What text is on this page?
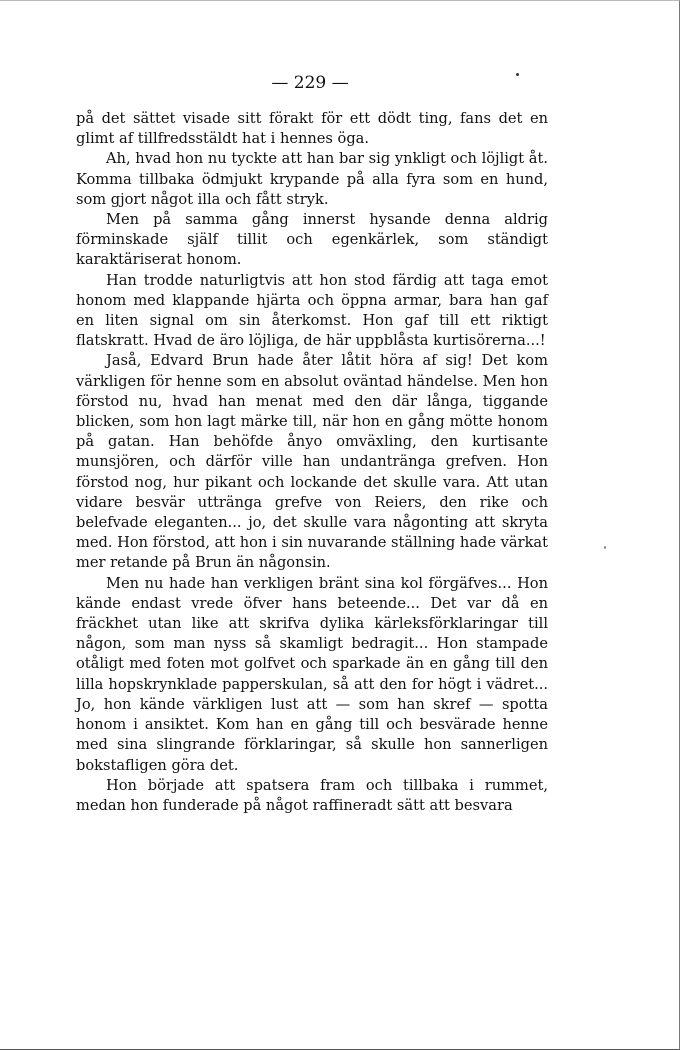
— 229 —

på det sättet visade sitt förakt för ett dödt ting, fans det en glimt af tillfredsstäldt hat i hennes öga.

Ah, hvad hon nu tyckte att han bar sig ynkligt och löjligt åt. Komma tillbaka ödmjukt krypande på alla fyra som en hund, som gjort något illa och fått stryk.

Men på samma gång innerst hysande denna aldrig förminskade själf tillit och egenkärlek, som ständigt karaktäriserat honom.

Han trodde naturligtvis att hon stod färdig att taga emot honom med klappande hjärta och öppna armar, bara han gaf en liten signal om sin återkomst. Hon gaf till ett riktigt flatskratt. Hvad de äro löjliga, de här uppblåsta kurtisörerna...!

Jaså, Edvard Brun hade åter låtit höra af sig! Det kom värkligen för henne som en absolut oväntad händelse. Men hon förstod nu, hvad han menat med den där långa, tiggande blicken, som hon lagt märke till, när hon en gång mötte honom på gatan. Han behöfde ånyo omväxling, den kurtisante munsjören, och därför ville han undantränga grefven. Hon förstod nog, hur pikant och lockande det skulle vara. Att utan vidare besvär uttränga grefve von Reiers, den rike och belefvade eleganten... jo, det skulle vara någonting att skryta med. Hon förstod, att hon i sin nuvarande ställning hade värkat mer retande på Brun än någonsin.

Men nu hade han verkligen bränt sina kol förgäfves... Hon kände endast vrede öfver hans beteende... Det var då en fräckhet utan like att skrifva dylika kärleksförklaringar till någon, som man nyss så skamligt bedragit... Hon stampade otåligt med foten mot golfvet och sparkade än en gång till den lilla hopskrynklade papperskulan, så att den for högt i vädret... Jo, hon kände värkligen lust att — som han skref — spotta honom i ansiktet. Kom han en gång till och besvärade henne med sina slingrande förklaringar, så skulle hon sannerligen bokstafligen göra det.

Hon började att spatsera fram och tillbaka i rummet, medan hon funderade på något raffineradt sätt att besvara
